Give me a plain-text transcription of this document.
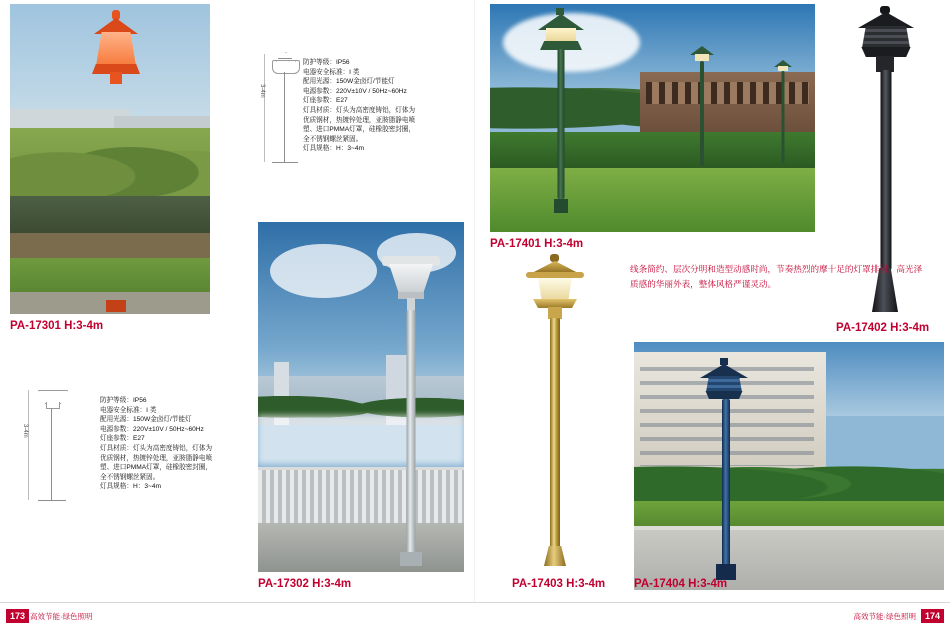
PA-17301 H:3-4m
3-4m
防护等级：IP56
电器安全标准：I 类
配用光源：150W金卤灯/节能灯
电源参数：220V±10V / 50Hz~60Hz
灯座参数：E27
灯具材质：灯头为高密度铸铝，灯体为优质钢材，热镀锌处理，亚胺脂静电喷塑、进口PMMA灯罩，硅橡胶密封圈，全不锈钢螺丝紧固。
灯具规格：H：3~4m
3-4m
防护等级：IP56
电器安全标准：I 类
配用光源：150W金卤灯/节能灯
电源参数：220V±10V / 50Hz~60Hz
灯座参数：E27
灯具材质：灯头为高密度铸铝，灯体为优质钢材，热镀锌处理，亚胺脂静电喷塑、进口PMMA灯罩，硅橡胶密封圈，全不锈钢螺丝紧固。
灯具规格：H：3~4m
PA-17302 H:3-4m
PA-17401 H:3-4m
PA-17402 H:3-4m
PA-17403 H:3-4m
线条简约、层次分明和造型动感时尚，节奏热烈的摩十足的灯罩排列，高光泽质感的华丽外表，整体风格严谨灵动。
PA-17404 H:3-4m
173 高效节能·绿色照明	高效节能·绿色照明 174
